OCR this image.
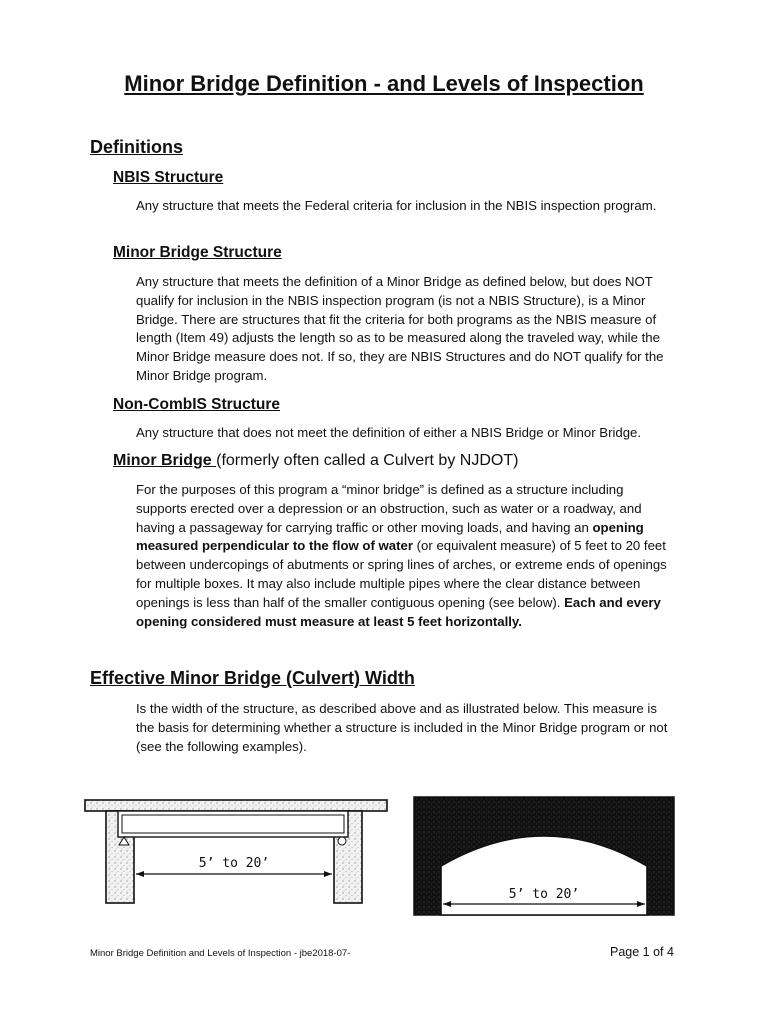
Minor Bridge Definition - and Levels of Inspection
Definitions
NBIS Structure

Any structure that meets the Federal criteria for inclusion in the NBIS inspection program.

Minor Bridge Structure

Any structure that meets the definition of a Minor Bridge as defined below, but does NOT qualify for inclusion in the NBIS inspection program (is not a NBIS Structure), is a Minor Bridge. There are structures that fit the criteria for both programs as the NBIS measure of length (Item 49) adjusts the length so as to be measured along the traveled way, while the Minor Bridge measure does not. If so, they are NBIS Structures and do NOT qualify for the Minor Bridge program.

Non-CombIS Structure

Any structure that does not meet the definition of either a NBIS Bridge or Minor Bridge.

Minor Bridge (formerly often called a Culvert by NJDOT)

For the purposes of this program a “minor bridge” is defined as a structure including supports erected over a depression or an obstruction, such as water or a roadway, and having a passageway for carrying traffic or other moving loads, and having an opening measured perpendicular to the flow of water (or equivalent measure) of 5 feet to 20 feet between undercopings of abutments or spring lines of arches, or extreme ends of openings for multiple boxes. It may also include multiple pipes where the clear distance between openings is less than half of the smaller contiguous opening (see below). Each and every opening considered must measure at least 5 feet horizontally.

Effective Minor Bridge (Culvert) Width

Is the width of the structure, as described above and as illustrated below. This measure is the basis for determining whether a structure is included in the Minor Bridge program or not (see the following examples).

5’ to 20’
5’ to 20’
Minor Bridge Definition and Levels of Inspection - jbe2018-07-	Page 1 of 4
